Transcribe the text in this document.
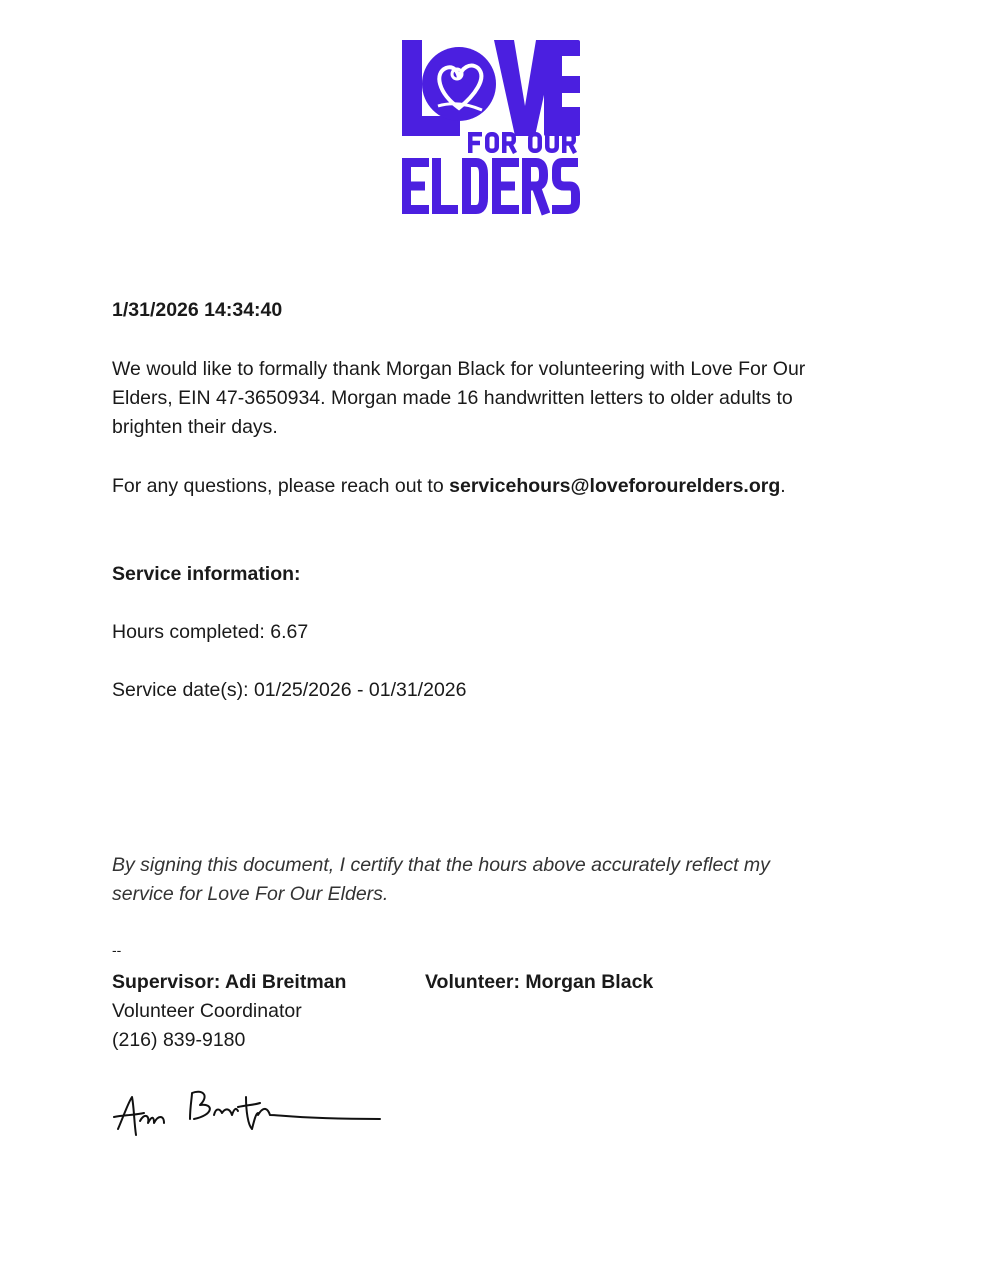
1/31/2026 14:34:40
We would like to formally thank Morgan Black for volunteering with Love For Our
Elders, EIN 47-3650934. Morgan made 16 handwritten letters to older adults to
brighten their days.
For any questions, please reach out to servicehours@loveforourelders.org.
Service information:
Hours completed: 6.67
Service date(s): 01/25/2026 - 01/31/2026
By signing this document, I certify that the hours above accurately reflect my
service for Love For Our Elders.
--
Supervisor: Adi Breitman	Volunteer: Morgan Black
Volunteer Coordinator
(216) 839-9180
